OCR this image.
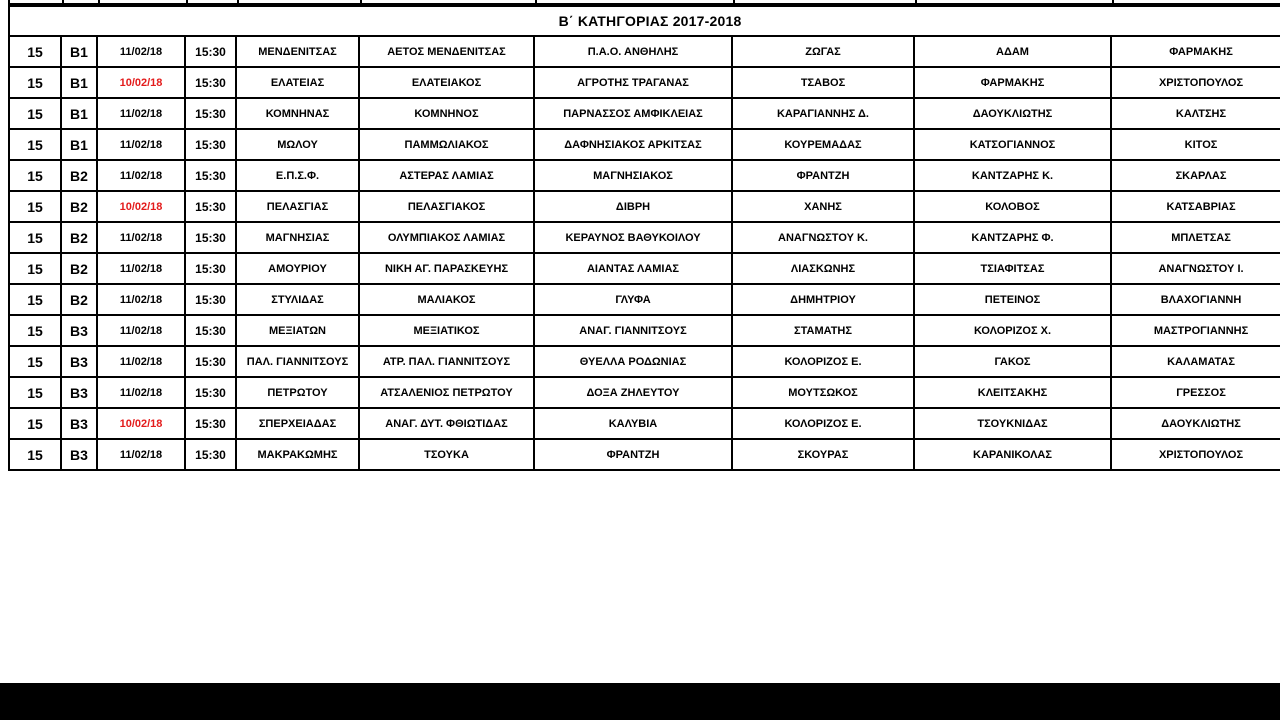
Β΄ ΚΑΤΗΓΟΡΙΑΣ 2017-2018									
15	Β1	11/02/18	15:30	ΜΕΝΔΕΝΙΤΣΑΣ	ΑΕΤΟΣ ΜΕΝΔΕΝΙΤΣΑΣ	Π.Α.Ο. ΑΝΘΗΛΗΣ	ΖΩΓΑΣ	ΑΔΑΜ	ΦΑΡΜΑΚΗΣ
15	Β1	10/02/18	15:30	ΕΛΑΤΕΙΑΣ	ΕΛΑΤΕΙΑΚΟΣ	ΑΓΡΟΤΗΣ ΤΡΑΓΑΝΑΣ	ΤΣΑΒΟΣ	ΦΑΡΜΑΚΗΣ	ΧΡΙΣΤΟΠΟΥΛΟΣ
15	Β1	11/02/18	15:30	ΚΟΜΝΗΝΑΣ	ΚΟΜΝΗΝΟΣ	ΠΑΡΝΑΣΣΟΣ ΑΜΦΙΚΛΕΙΑΣ	ΚΑΡΑΓΙΑΝΝΗΣ Δ.	ΔΑΟΥΚΛΙΩΤΗΣ	ΚΑΛΤΣΗΣ
15	Β1	11/02/18	15:30	ΜΩΛΟΥ	ΠΑΜΜΩΛΙΑΚΟΣ	ΔΑΦΝΗΣΙΑΚΟΣ ΑΡΚΙΤΣΑΣ	ΚΟΥΡΕΜΑΔΑΣ	ΚΑΤΣΟΓΙΑΝΝΟΣ	ΚΙΤΟΣ
15	Β2	11/02/18	15:30	Ε.Π.Σ.Φ.	ΑΣΤΕΡΑΣ ΛΑΜΙΑΣ	ΜΑΓΝΗΣΙΑΚΟΣ	ΦΡΑΝΤΖΗ	ΚΑΝΤΖΑΡΗΣ Κ.	ΣΚΑΡΛΑΣ
15	Β2	10/02/18	15:30	ΠΕΛΑΣΓΙΑΣ	ΠΕΛΑΣΓΙΑΚΟΣ	ΔΙΒΡΗ	ΧΑΝΗΣ	ΚΟΛΟΒΟΣ	ΚΑΤΣΑΒΡΙΑΣ
15	Β2	11/02/18	15:30	ΜΑΓΝΗΣΙΑΣ	ΟΛΥΜΠΙΑΚΟΣ ΛΑΜΙΑΣ	ΚΕΡΑΥΝΟΣ ΒΑΘΥΚΟΙΛΟΥ	ΑΝΑΓΝΩΣΤΟΥ Κ.	ΚΑΝΤΖΑΡΗΣ Φ.	ΜΠΛΕΤΣΑΣ
15	Β2	11/02/18	15:30	ΑΜΟΥΡΙΟΥ	ΝΙΚΗ ΑΓ. ΠΑΡΑΣΚΕΥΗΣ	ΑΙΑΝΤΑΣ ΛΑΜΙΑΣ	ΛΙΑΣΚΩΝΗΣ	ΤΣΙΑΦΙΤΣΑΣ	ΑΝΑΓΝΩΣΤΟΥ Ι.
15	Β2	11/02/18	15:30	ΣΤΥΛΙΔΑΣ	ΜΑΛΙΑΚΟΣ	ΓΛΥΦΑ	ΔΗΜΗΤΡΙΟΥ	ΠΕΤΕΙΝΟΣ	ΒΛΑΧΟΓΙΑΝΝΗ
15	Β3	11/02/18	15:30	ΜΕΞΙΑΤΩΝ	ΜΕΞΙΑΤΙΚΟΣ	ΑΝΑΓ. ΓΙΑΝΝΙΤΣΟΥΣ	ΣΤΑΜΑΤΗΣ	ΚΟΛΟΡΙΖΟΣ Χ.	ΜΑΣΤΡΟΓΙΑΝΝΗΣ
15	Β3	11/02/18	15:30	ΠΑΛ. ΓΙΑΝΝΙΤΣΟΥΣ	ΑΤΡ. ΠΑΛ. ΓΙΑΝΝΙΤΣΟΥΣ	ΘΥΕΛΛΑ ΡΟΔΩΝΙΑΣ	ΚΟΛΟΡΙΖΟΣ Ε.	ΓΑΚΟΣ	ΚΑΛΑΜΑΤΑΣ
15	Β3	11/02/18	15:30	ΠΕΤΡΩΤΟΥ	ΑΤΣΑΛΕΝΙΟΣ ΠΕΤΡΩΤΟΥ	ΔΟΞΑ ΖΗΛΕΥΤΟΥ	ΜΟΥΤΣΩΚΟΣ	ΚΛΕΙΤΣΑΚΗΣ	ΓΡΕΣΣΟΣ
15	Β3	10/02/18	15:30	ΣΠΕΡΧΕΙΑΔΑΣ	ΑΝΑΓ. ΔΥΤ. ΦΘΙΩΤΙΔΑΣ	ΚΑΛΥΒΙΑ	ΚΟΛΟΡΙΖΟΣ Ε.	ΤΣΟΥΚΝΙΔΑΣ	ΔΑΟΥΚΛΙΩΤΗΣ
15	Β3	11/02/18	15:30	ΜΑΚΡΑΚΩΜΗΣ	ΤΣΟΥΚΑ	ΦΡΑΝΤΖΗ	ΣΚΟΥΡΑΣ	ΚΑΡΑΝΙΚΟΛΑΣ	ΧΡΙΣΤΟΠΟΥΛΟΣ
